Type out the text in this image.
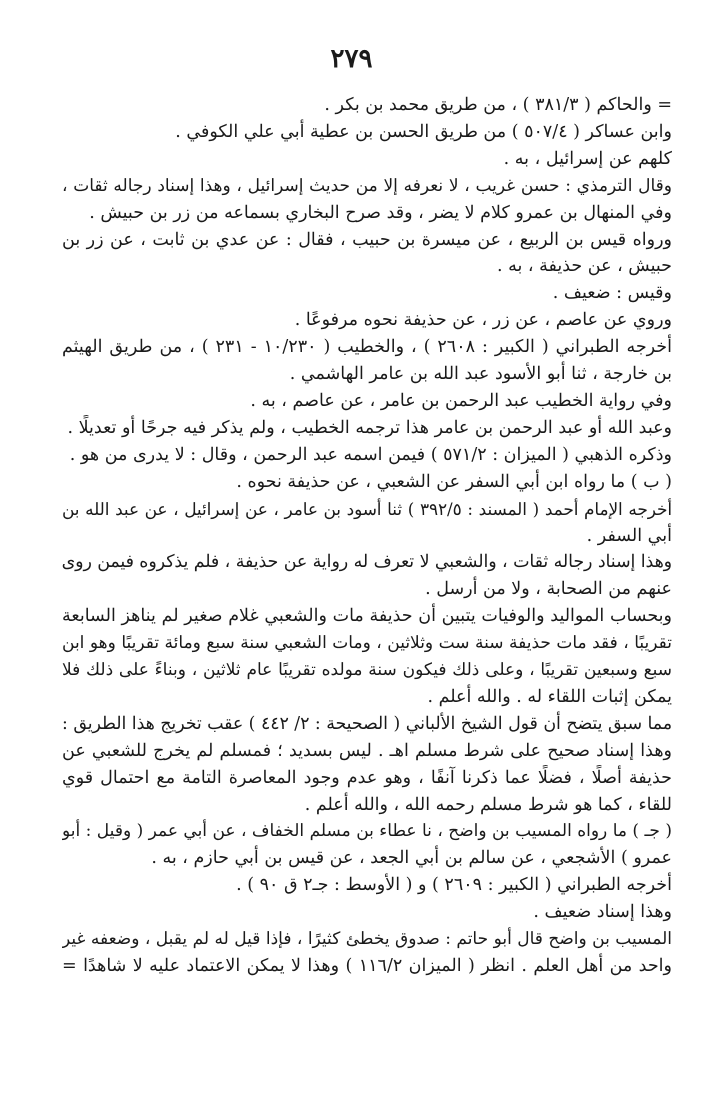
٢٧٩
= والحاكم ( ٣٨١/٣ ) ، من طريق محمد بن بكر .
وابن عساكر ( ٥٠٧/٤ ) من طريق الحسن بن عطية أبي علي الكوفي .
كلهم عن إسرائيل ، به .
وقال الترمذي : حسن غريب ، لا نعرفه إلا من حديث إسرائيل ، وهذا إسناد رجاله ثقات ،
وفي المنهال بن عمرو كلام لا يضر ، وقد صرح البخاري بسماعه من زر بن حبيش .
ورواه قيس بن الربيع ، عن ميسرة بن حبيب ، فقال : عن عدي بن ثابت ، عن زر بن
حبيش ، عن حذيفة ، به .
وقيس : ضعيف .
وروي عن عاصم ، عن زر ، عن حذيفة نحوه مرفوعًا .
أخرجه الطبراني ( الكبير : ٢٦٠٨ ) ، والخطيب ( ١٠/٢٣٠ - ٢٣١ ) ، من طريق الهيثم
بن خارجة ، ثنا أبو الأسود عبد الله بن عامر الهاشمي .
وفي رواية الخطيب عبد الرحمن بن عامر ، عن عاصم ، به .
وعبد الله أو عبد الرحمن بن عامر هذا ترجمه الخطيب ، ولم يذكر فيه جرحًا أو تعديلًا .
وذكره الذهبي ( الميزان : ٥٧١/٢ ) فيمن اسمه عبد الرحمن ، وقال : لا يدرى من هو .
( ب ) ما رواه ابن أبي السفر عن الشعبي ، عن حذيفة نحوه .
أخرجه الإمام أحمد ( المسند : ٣٩٢/٥ ) ثنا أسود بن عامر ، عن إسرائيل ، عن عبد الله بن
أبي السفر .
وهذا إسناد رجاله ثقات ، والشعبي لا تعرف له رواية عن حذيفة ، فلم يذكروه فيمن روى
عنهم من الصحابة ، ولا من أرسل .
وبحساب المواليد والوفيات يتبين أن حذيفة مات والشعبي غلام صغير لم يناهز السابعة
تقريبًا ، فقد مات حذيفة سنة ست وثلاثين ، ومات الشعبي سنة سبع ومائة تقريبًا وهو ابن
سبع وسبعين تقريبًا ، وعلى ذلك فيكون سنة مولده تقريبًا عام ثلاثين ، وبناءً على ذلك فلا
يمكن إثبات اللقاء له . والله أعلم .
مما سبق يتضح أن قول الشيخ الألباني ( الصحيحة : ٢/ ٤٤٢ ) عقب تخريج هذا الطريق :
وهذا إسناد صحيح على شرط مسلم اهـ . ليس بسديد ؛ فمسلم لم يخرج للشعبي عن
حذيفة أصلًا ، فضلًا عما ذكرنا آنفًا ، وهو عدم وجود المعاصرة التامة مع احتمال قوي
للقاء ، كما هو شرط مسلم رحمه الله ، والله أعلم .
( جـ ) ما رواه المسيب بن واضح ، نا عطاء بن مسلم الخفاف ، عن أبي عمر ( وقيل : أبو
عمرو ) الأشجعي ، عن سالم بن أبي الجعد ، عن قيس بن أبي حازم ، به .
أخرجه الطبراني ( الكبير : ٢٦٠٩ ) و ( الأوسط : جـ٢ ق ٩٠ ) .
وهذا إسناد ضعيف .
المسيب بن واضح قال أبو حاتم : صدوق يخطئ كثيرًا ، فإذا قيل له لم يقبل ، وضعفه غير
واحد من أهل العلم . انظر ( الميزان ١١٦/٢ ) وهذا لا يمكن الاعتماد عليه لا شاهدًا =
